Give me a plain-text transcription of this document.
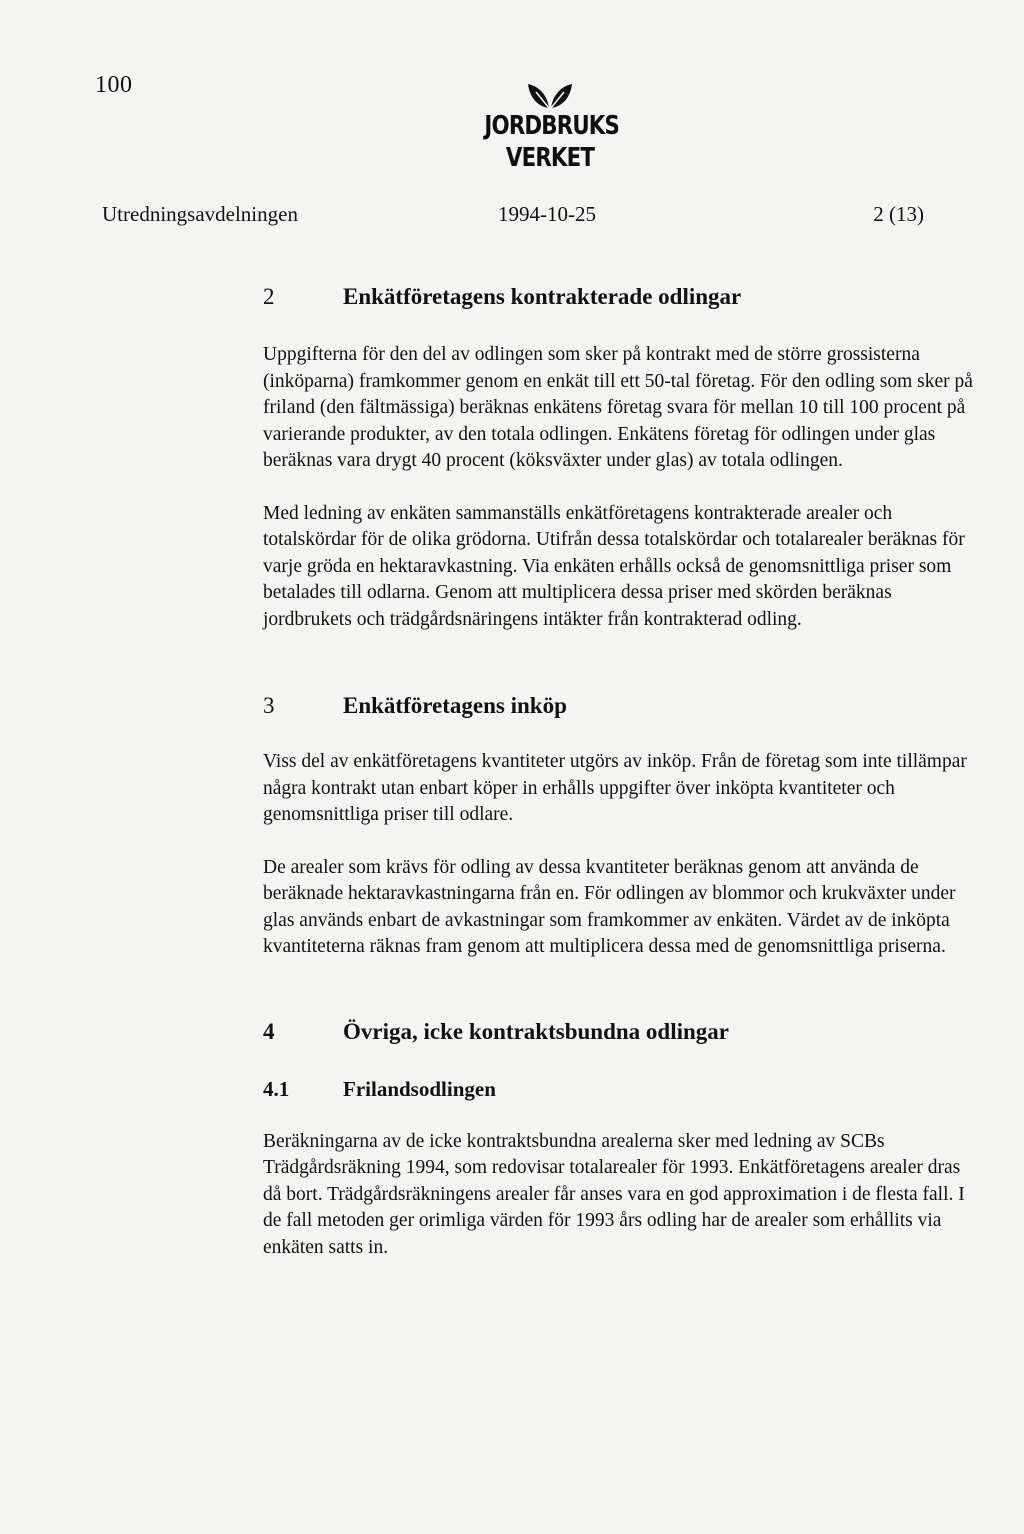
100
JORDBRUKS
VERKET
Utredningsavdelningen	1994-10-25	2 (13)
2	Enkätföretagens kontrakterade odlingar

Uppgifterna för den del av odlingen som sker på kontrakt med de större grossisterna (inköparna) framkommer genom en enkät till ett 50-tal företag. För den odling som sker på friland (den fältmässiga) beräknas enkätens företag svara för mellan 10 till 100 procent på varierande produkter, av den totala odlingen. Enkätens företag för odlingen under glas beräknas vara drygt 40 procent (köksväxter under glas) av totala odlingen.

Med ledning av enkäten sammanställs enkätföretagens kontrakterade arealer och totalskördar för de olika grödorna. Utifrån dessa totalskördar och totalarealer beräknas för varje gröda en hektaravkastning. Via enkäten erhålls också de genomsnittliga priser som betalades till odlarna. Genom att multiplicera dessa priser med skörden beräknas jordbrukets och trädgårdsnäringens intäkter från kontrakterad odling.

3	Enkätföretagens inköp

Viss del av enkätföretagens kvantiteter utgörs av inköp. Från de företag som inte tillämpar några kontrakt utan enbart köper in erhålls uppgifter över inköpta kvantiteter och genomsnittliga priser till odlare.

De arealer som krävs för odling av dessa kvantiteter beräknas genom att använda de beräknade hektaravkastningarna från en. För odlingen av blommor och krukväxter under glas används enbart de avkastningar som framkommer av enkäten. Värdet av de inköpta kvantiteterna räknas fram genom att multiplicera dessa med de genomsnittliga priserna.

4	Övriga, icke kontraktsbundna odlingar
4.1	Frilandsodlingen

Beräkningarna av de icke kontraktsbundna arealerna sker med ledning av SCBs Trädgårdsräkning 1994, som redovisar totalarealer för 1993. Enkätföretagens arealer dras då bort. Trädgårdsräkningens arealer får anses vara en god approximation i de flesta fall. I de fall metoden ger orimliga värden för 1993 års odling har de arealer som erhållits via enkäten satts in.
